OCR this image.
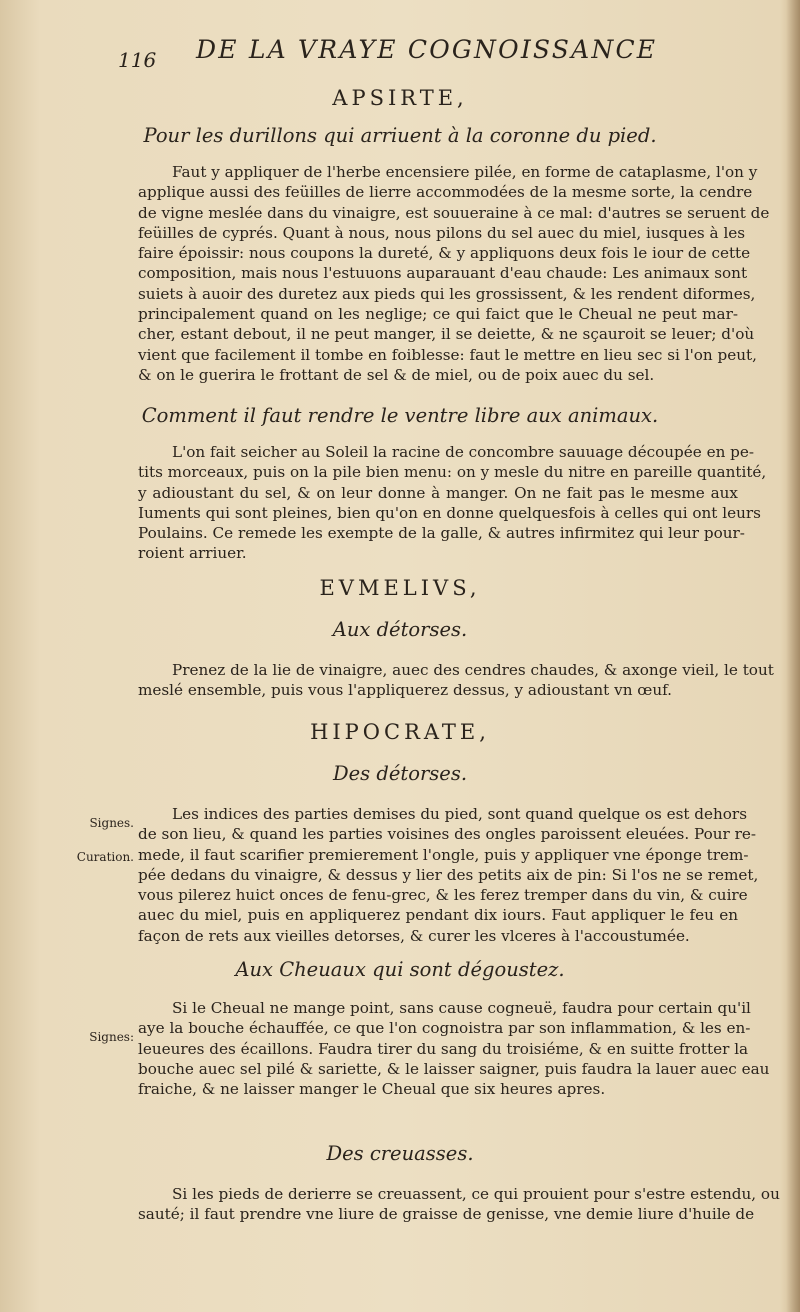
116 DE LA VRAYE COGNOISSANCE
APSIRTE,
Pour les durillons qui arriuent à la coronne du pied.

Faut y appliquer de l'herbe encensiere pilée, en forme de cataplasme, l'on y
applique aussi des feüilles de lierre accommodées de la mesme sorte, la cendre
de vigne meslée dans du vinaigre, est souueraine à ce mal: d'autres se seruent de
feüilles de cyprés. Quant à nous, nous pilons du sel auec du miel, iusques à les
faire époissir: nous coupons la dureté, & y appliquons deux fois le iour de cette
composition, mais nous l'estuuons auparauant d'eau chaude: Les animaux sont
suiets à auoir des duretez aux pieds qui les grossissent, & les rendent diformes,
principalement quand on les neglige; ce qui faict que le Cheual ne peut mar-
cher, estant debout, il ne peut manger, il se deiette, & ne sçauroit se leuer; d'où
vient que facilement il tombe en foiblesse: faut le mettre en lieu sec si l'on peut,
& on le guerira le frottant de sel & de miel, ou de poix auec du sel.

Comment il faut rendre le ventre libre aux animaux.

L'on fait seicher au Soleil la racine de concombre sauuage découpée en pe-
tits morceaux, puis on la pile bien menu: on y mesle du nitre en pareille quantité,
y adioustant du sel, & on leur donne à manger. On ne fait pas le mesme aux
Iuments qui sont pleines, bien qu'on en donne quelquesfois à celles qui ont leurs
Poulains. Ce remede les exempte de la galle, & autres infirmitez qui leur pour-
roient arriuer.

EVMELIVS,
Aux détorses.

Prenez de la lie de vinaigre, auec des cendres chaudes, & axonge vieil, le tout
meslé ensemble, puis vous l'appliquerez dessus, y adioustant vn œuf.

HIPOCRATE,
Des détorses.
Signes.
Curation.

Les indices des parties demises du pied, sont quand quelque os est dehors
de son lieu, & quand les parties voisines des ongles paroissent eleuées. Pour re-
mede, il faut scarifier premierement l'ongle, puis y appliquer vne éponge trem-
pée dedans du vinaigre, & dessus y lier des petits aix de pin: Si l'os ne se remet,
vous pilerez huict onces de fenu-grec, & les ferez tremper dans du vin, & cuire
auec du miel, puis en appliquerez pendant dix iours. Faut appliquer le feu en
façon de rets aux vieilles detorses, & curer les vlceres à l'accoustumée.

Aux Cheuaux qui sont dégoustez.
Signes:

Si le Cheual ne mange point, sans cause cogneuë, faudra pour certain qu'il
aye la bouche échauffée, ce que l'on cognoistra par son inflammation, & les en-
leueures des écaillons. Faudra tirer du sang du troisiéme, & en suitte frotter la
bouche auec sel pilé & sariette, & le laisser saigner, puis faudra la lauer auec eau
fraiche, & ne laisser manger le Cheual que six heures apres.

Des creuasses.

Si les pieds de derierre se creuassent, ce qui prouient pour s'estre estendu, ou
sauté; il faut prendre vne liure de graisse de genisse, vne demie liure d'huile de
